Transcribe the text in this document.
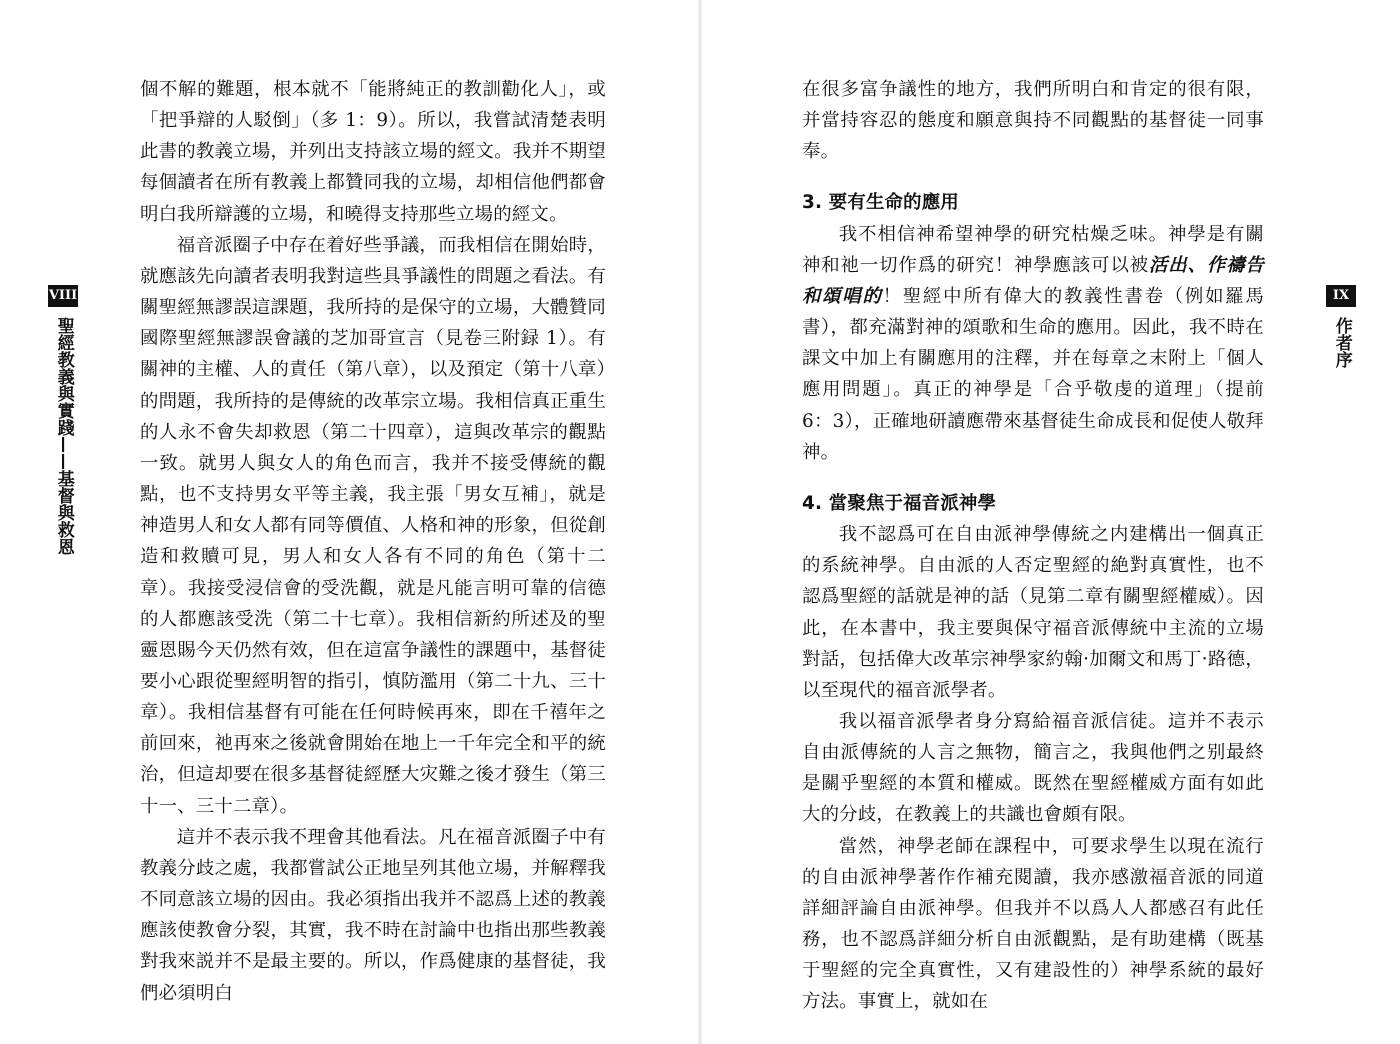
VIII
聖經教義與實踐——基督與救恩

個不解的難題，根本就不「能將純正的教訓勸化人」，或「把爭辯的人駁倒」（多 1：9）。所以，我嘗試清楚表明此書的教義立場，并列出支持該立場的經文。我并不期望每個讀者在所有教義上都贊同我的立場，却相信他們都會明白我所辯護的立場，和曉得支持那些立場的經文。

福音派圈子中存在着好些爭議，而我相信在開始時，就應該先向讀者表明我對這些具爭議性的問題之看法。有關聖經無謬誤這課題，我所持的是保守的立場，大體贊同國際聖經無謬誤會議的芝加哥宣言（見卷三附録 1）。有關神的主權、人的責任（第八章），以及預定（第十八章）的問題，我所持的是傳統的改革宗立場。我相信真正重生的人永不會失却救恩（第二十四章），這與改革宗的觀點一致。就男人與女人的角色而言，我并不接受傳統的觀點，也不支持男女平等主義，我主張「男女互補」，就是神造男人和女人都有同等價值、人格和神的形象，但從創造和救贖可見，男人和女人各有不同的角色（第十二章）。我接受浸信會的受洗觀，就是凡能言明可靠的信德的人都應該受洗（第二十七章）。我相信新約所述及的聖靈恩賜今天仍然有效，但在這富争議性的課題中，基督徒要小心跟從聖經明智的指引，慎防濫用（第二十九、三十章）。我相信基督有可能在任何時候再來，即在千禧年之前回來，祂再來之後就會開始在地上一千年完全和平的統治，但這却要在很多基督徒經歷大灾難之後才發生（第三十一、三十二章）。

這并不表示我不理會其他看法。凡在福音派圈子中有教義分歧之處，我都嘗試公正地呈列其他立場，并解釋我不同意該立場的因由。我必須指出我并不認爲上述的教義應該使教會分裂，其實，我不時在討論中也指出那些教義對我來説并不是最主要的。所以，作爲健康的基督徒，我們必須明白

在很多富争議性的地方，我們所明白和肯定的很有限，并當持容忍的態度和願意與持不同觀點的基督徒一同事奉。

3. 要有生命的應用

我不相信神希望神學的研究枯燥乏味。神學是有關神和祂一切作爲的研究！神學應該可以被活出、作禱告和頌唱的！聖經中所有偉大的教義性書卷（例如羅馬書），都充滿對神的頌歌和生命的應用。因此，我不時在課文中加上有關應用的注釋，并在每章之末附上「個人應用問題」。真正的神學是「合乎敬虔的道理」（提前 6：3），正確地研讀應帶來基督徒生命成長和促使人敬拜神。

4. 當聚焦于福音派神學

我不認爲可在自由派神學傳統之内建構出一個真正的系統神學。自由派的人否定聖經的絶對真實性，也不認爲聖經的話就是神的話（見第二章有關聖經權威）。因此，在本書中，我主要與保守福音派傳統中主流的立場對話，包括偉大改革宗神學家約翰·加爾文和馬丁·路德，以至現代的福音派學者。

我以福音派學者身分寫給福音派信徒。這并不表示自由派傳統的人言之無物，簡言之，我與他們之别最終是關乎聖經的本質和權威。既然在聖經權威方面有如此大的分歧，在教義上的共識也會頗有限。

當然，神學老師在課程中，可要求學生以現在流行的自由派神學著作作補充閱讀，我亦感激福音派的同道詳細評論自由派神學。但我并不以爲人人都感召有此任務，也不認爲詳細分析自由派觀點，是有助建構（既基于聖經的完全真實性，又有建設性的）神學系統的最好方法。事實上，就如在

IX
作者序
